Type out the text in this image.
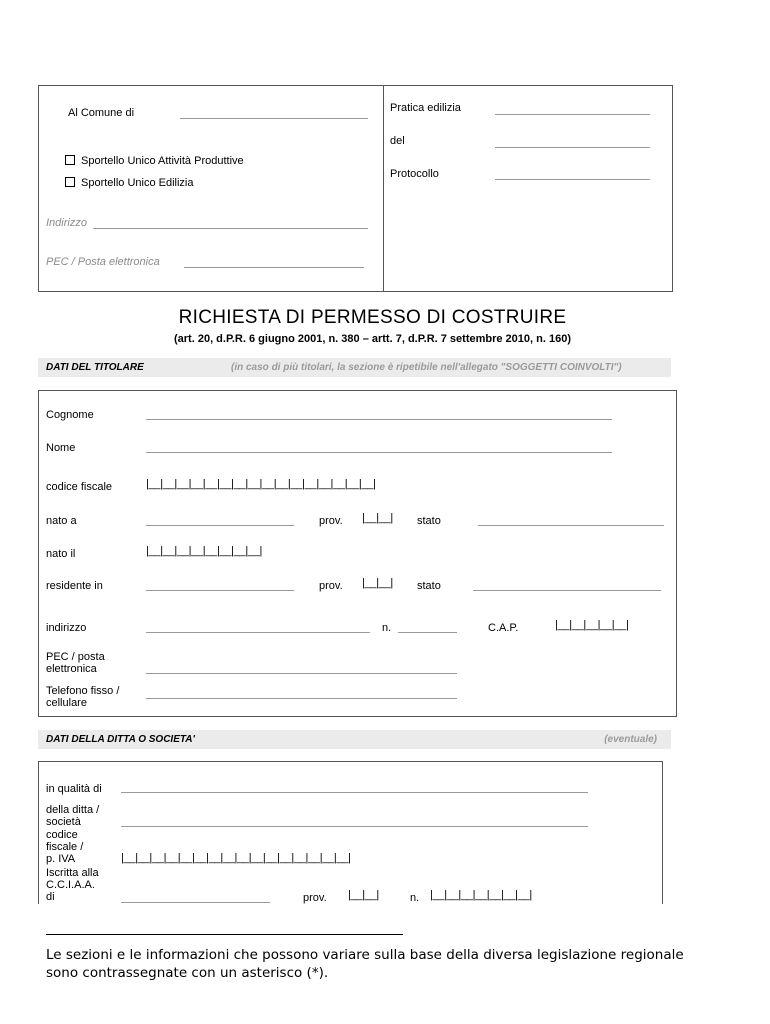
Al Comune di
Sportello Unico Attività Produttive
Sportello Unico Edilizia
Indirizzo
PEC / Posta elettronica
Pratica edilizia
del
Protocollo
RICHIESTA DI PERMESSO DI COSTRUIRE
(art. 20, d.P.R. 6 giugno 2001, n. 380 – artt. 7, d.P.R. 7 settembre 2010, n. 160)
DATI DEL TITOLARE	(in caso di più titolari, la sezione è ripetibile nell'allegato "SOGGETTI COINVOLTI")
Cognome
Nome
codice fiscale	|__|__|__|__|__|__|__|__|__|__|__|__|__|__|__|__|
nato a	prov. |__|__| stato
nato il	|__|__|__|__|__|__|__|__|
residente in	prov. |__|__| stato
indirizzo	n.	C.A.P.	|__|__|__|__|__|
PEC / posta
elettronica
Telefono fisso /
cellulare
DATI DELLA DITTA O SOCIETA'	(eventuale)
in qualità di
della ditta /
società
codice
fiscale /
p. IVA	|__|__|__|__|__|__|__|__|__|__|__|__|__|__|__|__|
Iscritta alla
C.C.I.A.A.
di	prov. |__|__|	n. |__|__|__|__|__|__|__|
Le sezioni e le informazioni che possono variare sulla base della diversa legislazione regionale sono contrassegnate con un asterisco (*).
